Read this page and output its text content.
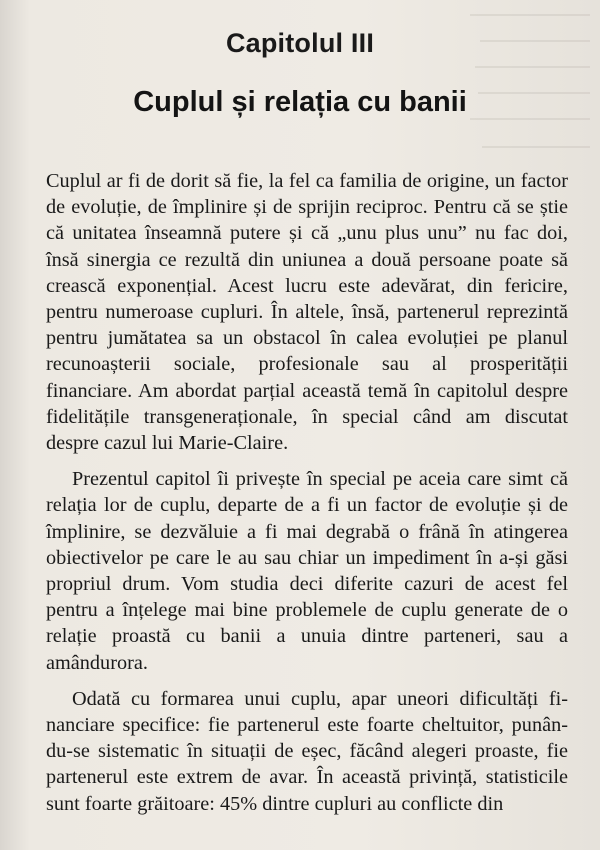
Capitolul III
Cuplul și relația cu banii

Cuplul ar fi de dorit să fie, la fel ca familia de origine, un factor de evoluție, de împlinire și de sprijin reciproc. Pentru că se știe că unitatea înseamnă putere și că „unu plus unu” nu fac doi, însă sinergia ce rezultă din uniunea a două persoane poate să crească exponențial. Acest lucru este adevărat, din fericire, pentru numeroase cupluri. În altele, însă, partenerul reprezintă pentru jumătatea sa un obstacol în calea evoluției pe planul recunoașterii sociale, profesionale sau al prosperității financiare. Am abordat parțial această temă în capitolul despre fidelitățile transgeneraționale, în special când am discutat despre cazul lui Marie-Claire.

Prezentul capitol îi privește în special pe aceia care simt că relația lor de cuplu, departe de a fi un factor de evoluție și de împlinire, se dezvăluie a fi mai degrabă o frână în atingerea obiectivelor pe care le au sau chiar un impediment în a-și găsi propriul drum. Vom studia deci diferite cazuri de acest fel pentru a înțelege mai bine problemele de cuplu generate de o relație proastă cu banii a unuia dintre parteneri, sau a amândurora.

Odată cu formarea unui cuplu, apar uneori dificultăți financiare specifice: fie partenerul este foarte cheltuitor, punându-se sistematic în situații de eșec, făcând alegeri proaste, fie partenerul este extrem de avar. În această privință, statisticile sunt foarte grăitoare: 45% dintre cupluri au conflicte din
